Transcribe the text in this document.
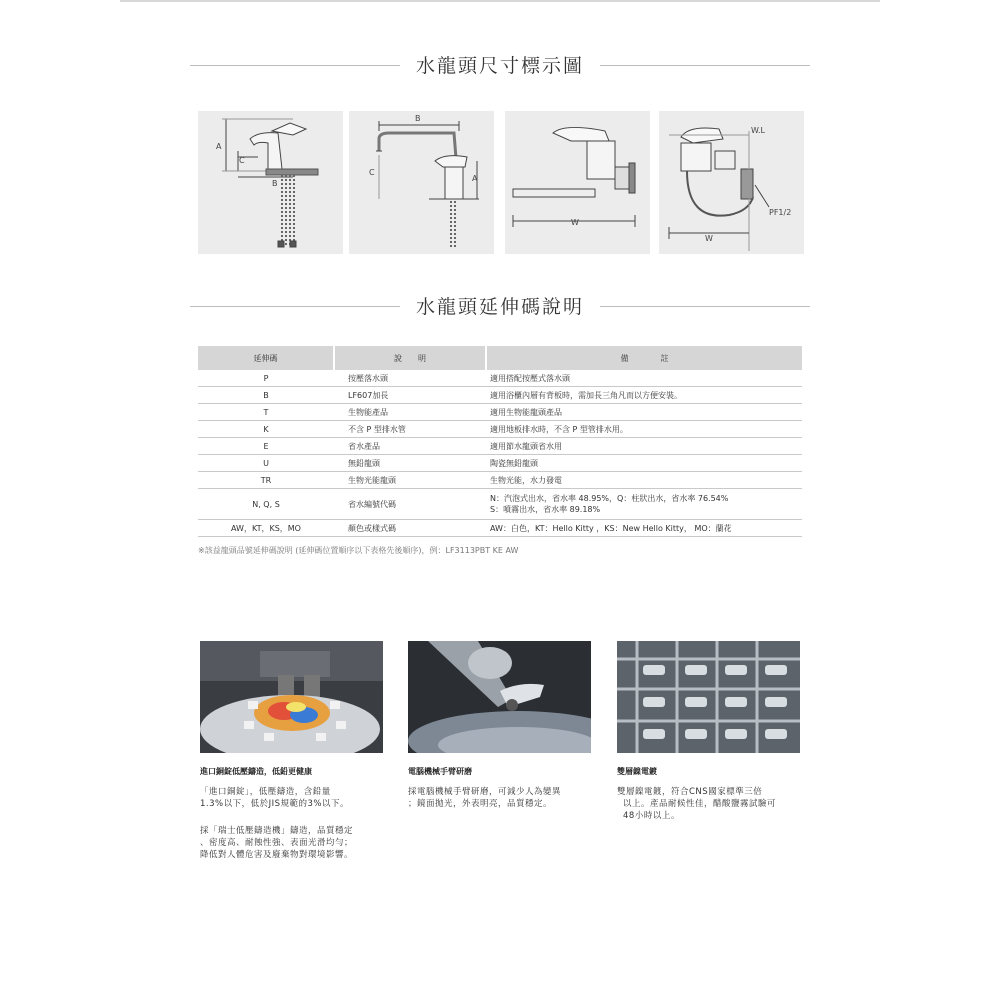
水龍頭尺寸標示圖
A
C
B
B
C
A
W
W.L
PF1/2
W
水龍頭延伸碼說明
延伸碼	說　　明	備　　　　註
P	按壓落水頭	適用搭配按壓式落水頭
B	LF607加長	適用浴櫃內層有背板時，需加長三角凡而以方便安裝。
T	生物能產品	適用生物能龍頭產品
K	不含 P 型排水管	適用地板排水時，不含 P 型管排水用。
E	省水產品	適用節水龍頭省水用
U	無鉛龍頭	陶瓷無鉛龍頭
TR	生物光能龍頭	生物光能，水力發電
N, Q, S	省水編號代碼	N：汽泡式出水，省水率 48.95%，Q：柱狀出水，省水率 76.54%
S：噴霧出水，省水率 89.18%

AW，KT，KS，MO	顏色或樣式碼	AW：白色，KT：Hello Kitty ，KS：New Hello Kitty， MO：蘭花
※該益龍頭品號延伸碼說明 (延伸碼位置順序以下表格先後順序)，例：LF3113PBT KE AW
進口銅錠低壓鑄造，低鉛更健康
「進口銅錠」，低壓鑄造，含鉛量
1.3%以下，低於JIS規範的3%以下。
採「瑞士低壓鑄造機」鑄造，品質穩定
、密度高、耐蝕性強、表面光滑均勻；
降低對人體危害及廢棄物對環境影響。
電腦機械手臂研磨
採電腦機械手臂研磨，可減少人為變異
；鏡面拋光，外表明亮，品質穩定。
雙層鎳電鍍
雙層鎳電鍍，符合CNS國家標準三倍
以上。產品耐候性佳，醋酸鹽霧試驗可
48小時以上。
